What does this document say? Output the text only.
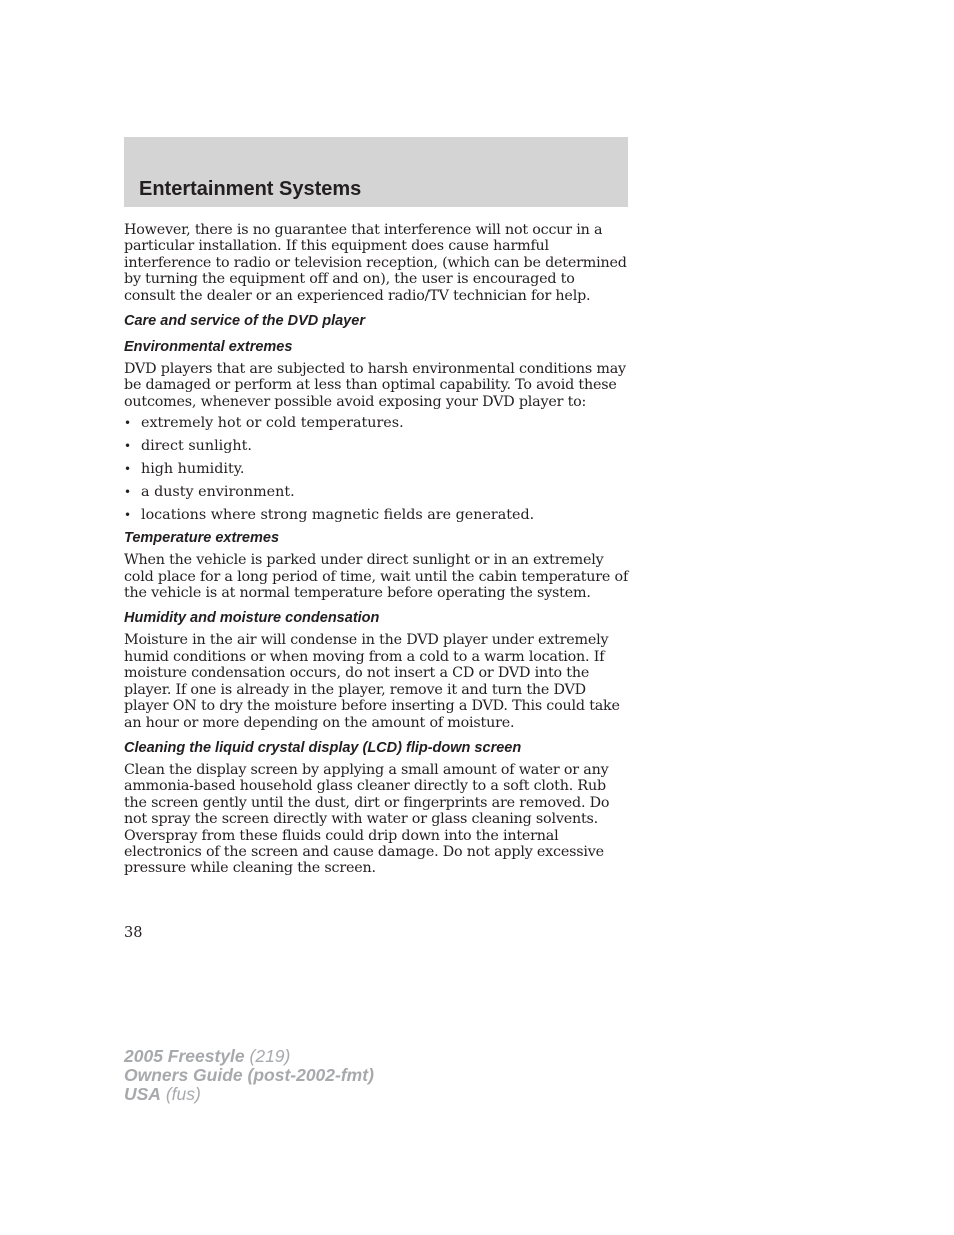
Entertainment Systems

However, there is no guarantee that interference will not occur in a particular installation. If this equipment does cause harmful interference to radio or television reception, (which can be determined by turning the equipment off and on), the user is encouraged to consult the dealer or an experienced radio/TV technician for help.

Care and service of the DVD player
Environmental extremes

DVD players that are subjected to harsh environmental conditions may be damaged or perform at less than optimal capability. To avoid these outcomes, whenever possible avoid exposing your DVD player to:

• extremely hot or cold temperatures.
• direct sunlight.
• high humidity.
• a dusty environment.
• locations where strong magnetic fields are generated.
Temperature extremes

When the vehicle is parked under direct sunlight or in an extremely cold place for a long period of time, wait until the cabin temperature of the vehicle is at normal temperature before operating the system.

Humidity and moisture condensation

Moisture in the air will condense in the DVD player under extremely humid conditions or when moving from a cold to a warm location. If moisture condensation occurs, do not insert a CD or DVD into the player. If one is already in the player, remove it and turn the DVD player ON to dry the moisture before inserting a DVD. This could take an hour or more depending on the amount of moisture.

Cleaning the liquid crystal display (LCD) flip-down screen

Clean the display screen by applying a small amount of water or any ammonia-based household glass cleaner directly to a soft cloth. Rub the screen gently until the dust, dirt or fingerprints are removed. Do not spray the screen directly with water or glass cleaning solvents. Overspray from these fluids could drip down into the internal electronics of the screen and cause damage. Do not apply excessive pressure while cleaning the screen.

38
2005 Freestyle (219)
Owners Guide (post-2002-fmt)
USA (fus)
